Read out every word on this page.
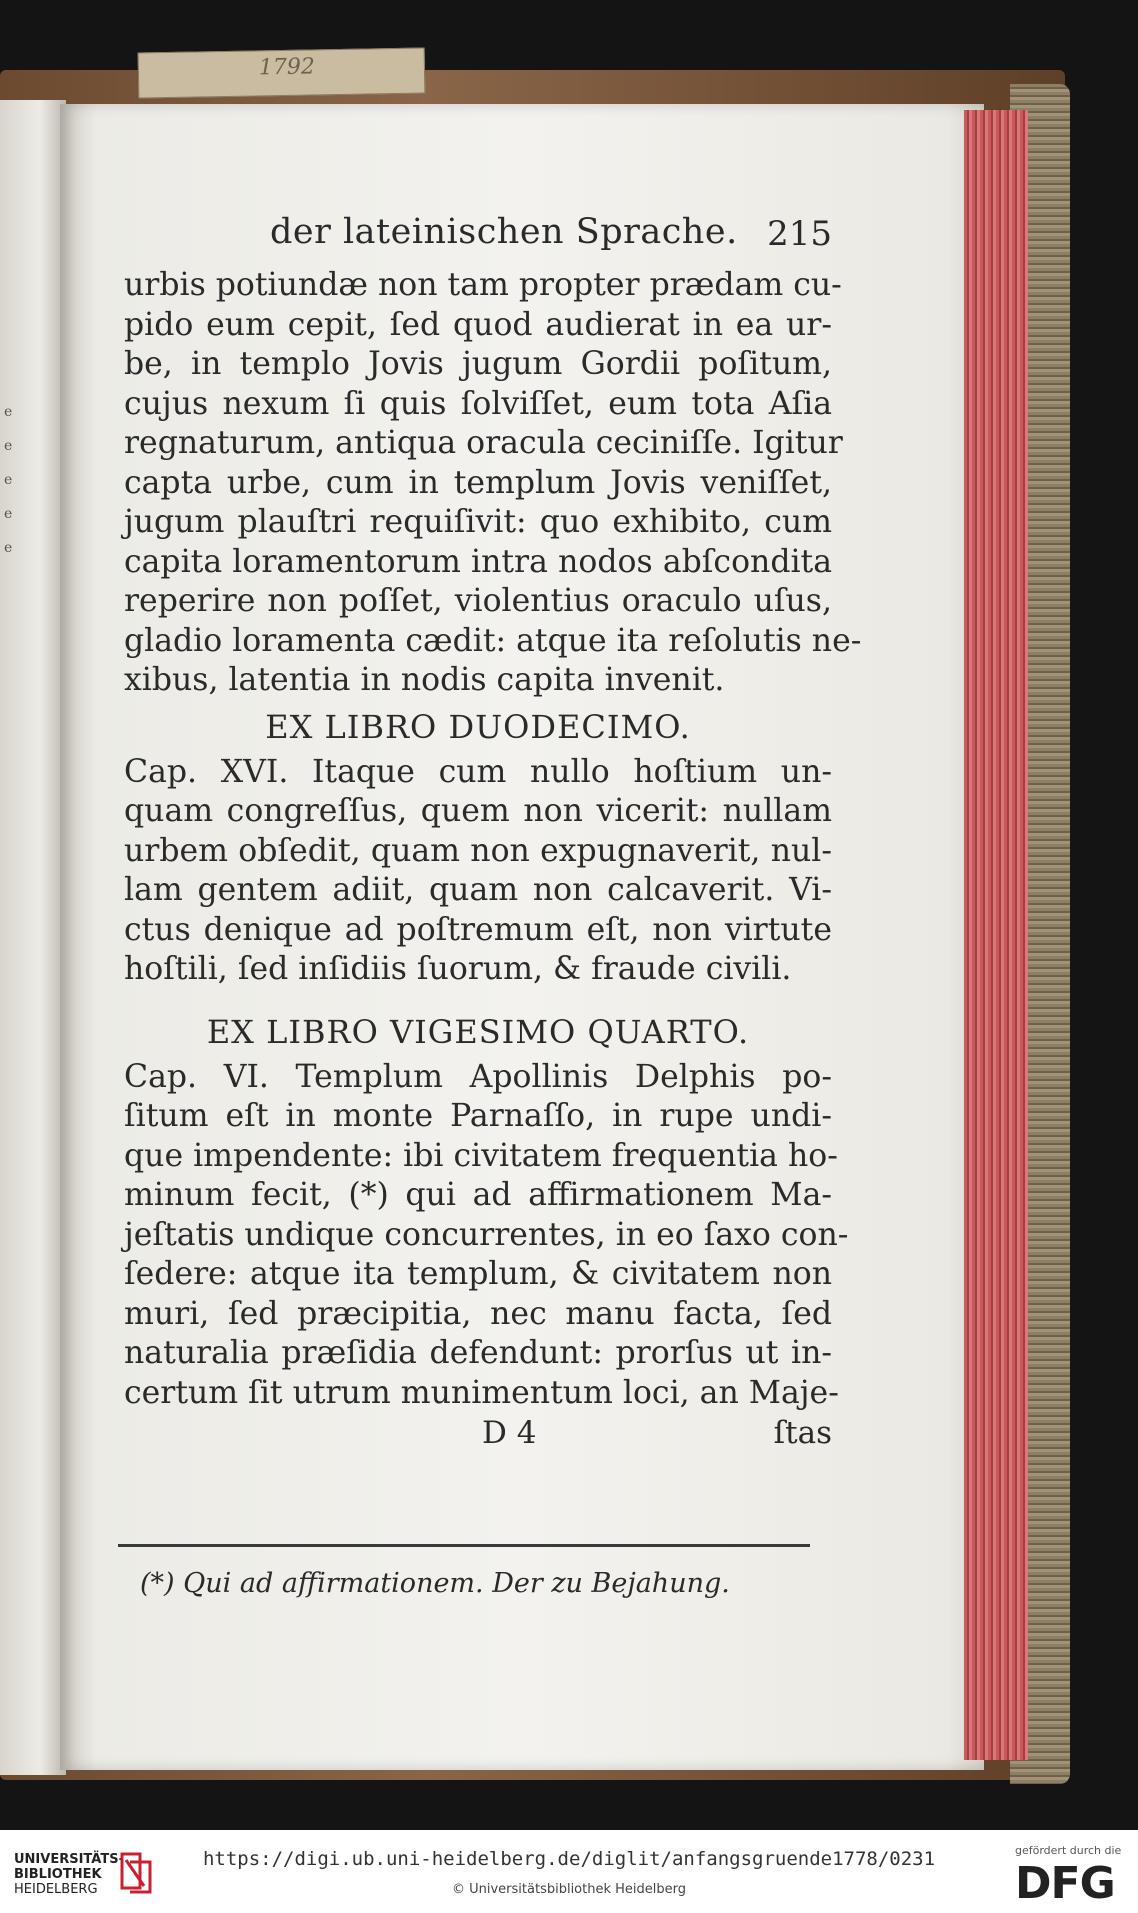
1792
e
e
e
e
e
der lateinischen Sprache. 215
urbis potiundæ non tam propter prædam cu-
pido eum cepit, ſed quod audierat in ea ur-
be, in templo Jovis jugum Gordii poſitum,
cujus nexum ſi quis ſolviſſet, eum tota Aſia
regnaturum, antiqua oracula ceciniſſe. Igitur
capta urbe, cum in templum Jovis veniſſet,
jugum plauſtri requiſivit: quo exhibito, cum
capita loramentorum intra nodos abſcondita
reperire non poſſet, violentius oraculo uſus,
gladio loramenta cædit: atque ita reſolutis ne-
xibus, latentia in nodis capita invenit.
EX LIBRO DUODECIMO.
Cap. XVI. Itaque cum nullo hoſtium un-
quam congreſſus, quem non vicerit: nullam
urbem obſedit, quam non expugnaverit, nul-
lam gentem adiit, quam non calcaverit. Vi-
ctus denique ad poſtremum eſt, non virtute
hoſtili, ſed inſidiis ſuorum, & fraude civili.
EX LIBRO VIGESIMO QUARTO.
Cap. VI. Templum Apollinis Delphis po-
ſitum eſt in monte Parnaſſo, in rupe undi-
que impendente: ibi civitatem frequentia ho-
minum fecit, (*) qui ad affirmationem Ma-
jeſtatis undique concurrentes, in eo ſaxo con-
ſedere: atque ita templum, & civitatem non
muri, ſed præcipitia, nec manu facta, ſed
naturalia præſidia defendunt: prorſus ut in-
certum ſit utrum munimentum loci, an Maje-
D 4	ſtas
(*) Qui ad affirmationem. Der zu Bejahung.
UNIVERSITÄTS-
BIBLIOTHEK
HEIDELBERG
https://digi.ub.uni-heidelberg.de/diglit/anfangsgruende1778/0231
© Universitätsbibliothek Heidelberg
gefördert durch die
DFG
